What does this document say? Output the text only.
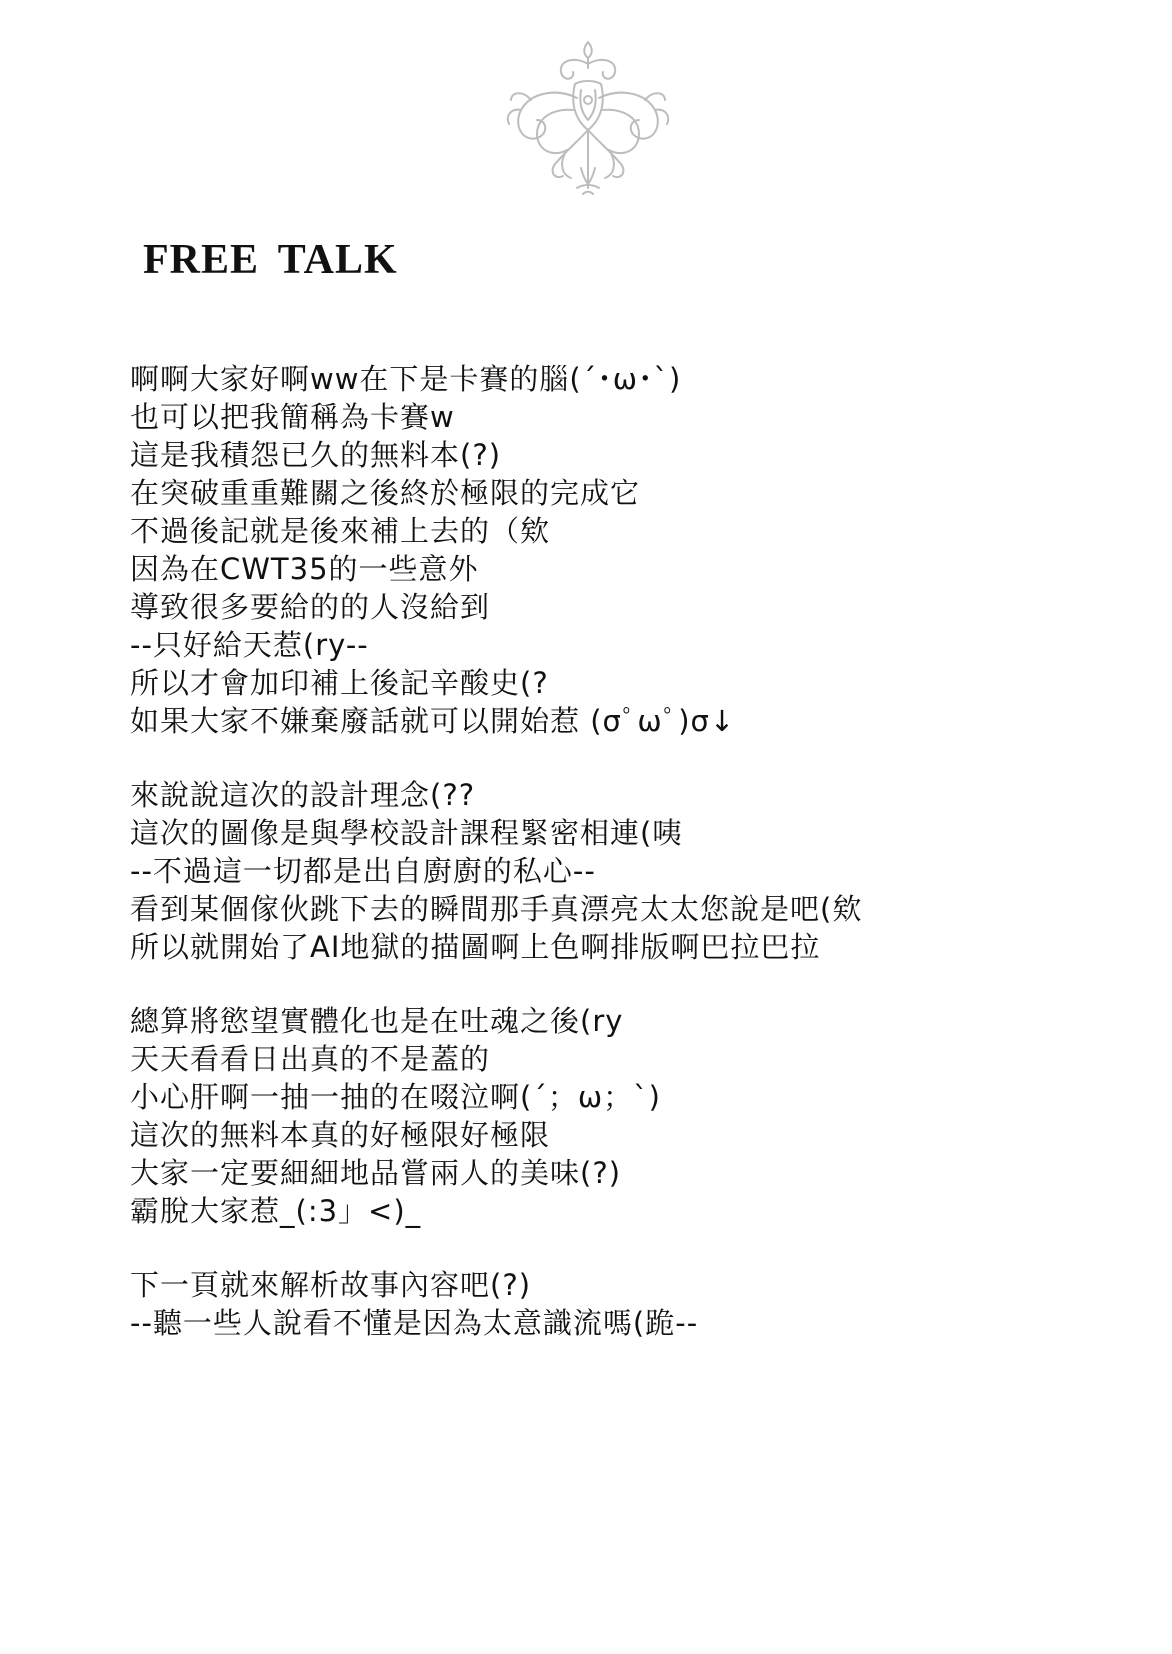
FREE TALK
啊啊大家好啊ww在下是卡賽的腦(´･ω･`)
也可以把我簡稱為卡賽w
這是我積怨已久的無料本(?)
在突破重重難關之後終於極限的完成它
不過後記就是後來補上去的（欸
因為在CWT35的一些意外
導致很多要給的的人沒給到
--只好給天惹(ry--
所以才會加印補上後記辛酸史(?
如果大家不嫌棄廢話就可以開始惹 (σﾟωﾟ)σ↓
來說說這次的設計理念(??
這次的圖像是與學校設計課程緊密相連(咦
--不過這一切都是出自廚廚的私心--
看到某個傢伙跳下去的瞬間那手真漂亮太太您說是吧(欸
所以就開始了AI地獄的描圖啊上色啊排版啊巴拉巴拉
總算將慾望實體化也是在吐魂之後(ry
天天看看日出真的不是蓋的
小心肝啊一抽一抽的在啜泣啊(´；ω；`)
這次的無料本真的好極限好極限
大家一定要細細地品嘗兩人的美味(?)
霸脫大家惹_(:3」<)_
下一頁就來解析故事內容吧(?)
--聽一些人說看不懂是因為太意識流嗎(跪--
